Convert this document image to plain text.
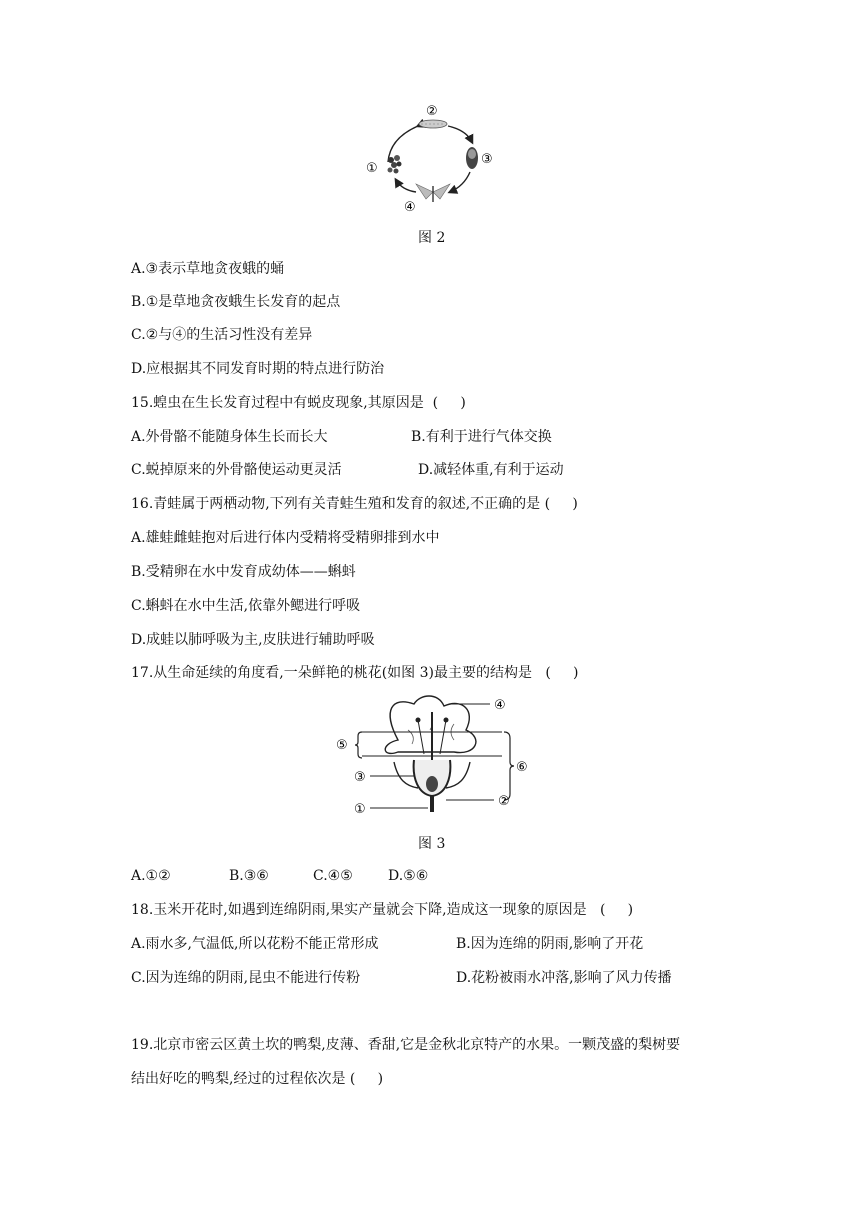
①
②
③
④
图 2
A.③表示草地贪夜蛾的蛹
B.①是草地贪夜蛾生长发育的起点
C.②与④的生活习性没有差异
D.应根据其不同发育时期的特点进行防治
15.蝗虫在生长发育过程中有蜕皮现象,其原因是  (     )
A.外骨骼不能随身体生长而长大	B.有利于进行气体交换
C.蜕掉原来的外骨骼使运动更灵活	D.减轻体重,有利于运动
16.青蛙属于两栖动物,下列有关青蛙生殖和发育的叙述,不正确的是 (     )
A.雄蛙雌蛙抱对后进行体内受精将受精卵排到水中
B.受精卵在水中发育成幼体——蝌蚪
C.蝌蚪在水中生活,依靠外鳃进行呼吸
D.成蛙以肺呼吸为主,皮肤进行辅助呼吸
17.从生命延续的角度看,一朵鲜艳的桃花(如图 3)最主要的结构是   (     )
④
⑤
⑥
③
②
①
图 3
A.①②	B.③⑥	C.④⑤	D.⑤⑥
18.玉米开花时,如遇到连绵阴雨,果实产量就会下降,造成这一现象的原因是   (     )
A.雨水多,气温低,所以花粉不能正常形成	B.因为连绵的阴雨,影响了开花
C.因为连绵的阴雨,昆虫不能进行传粉	D.花粉被雨水冲落,影响了风力传播
19.北京市密云区黄土坎的鸭梨,皮薄、香甜,它是金秋北京特产的水果。一颗茂盛的梨树要
结出好吃的鸭梨,经过的过程依次是 (     )
